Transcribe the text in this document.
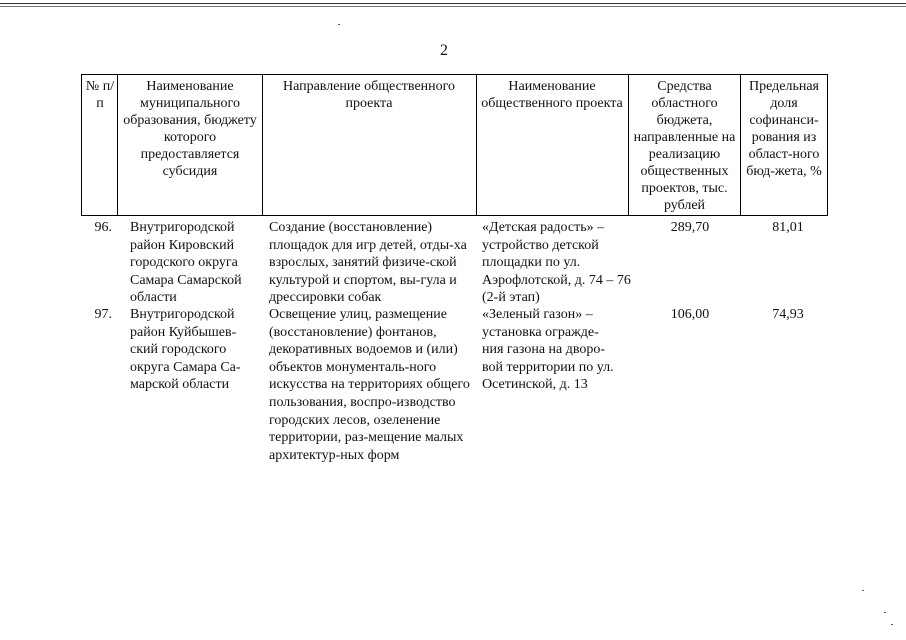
2
№ п/п
Наименование муниципального образования, бюджету которого предоставляется субсидия
Направление общественного проекта
Наименование общественного проекта
Средства областного бюджета, направленные на реализацию общественных проектов, тыс. рублей
Предельная доля софинанси-рования из област-ного бюд-жета, %
96. Внутригородской район Кировский городского округа Самара Самарской области
Создание (восстановление) площадок для игр детей, отды-ха взрослых, занятий физиче-ской культурой и спортом, вы-гула и дрессировки собак
«Детская радость» – устройство детской площадки по ул. Аэрофлотской, д. 74 – 76 (2-й этап)
289,70	81,01
97. Внутригородской район Куйбышев-ский городского округа Самара Са-марской области
Освещение улиц, размещение (восстановление) фонтанов, декоративных водоемов и (или) объектов монументаль-ного искусства на территориях общего пользования, воспро-изводство городских лесов, озеленение территории, раз-мещение малых архитектур-ных форм
«Зеленый газон» – установка огражде-ния газона на дворо-вой территории по ул. Осетинской, д. 13
106,00	74,93
